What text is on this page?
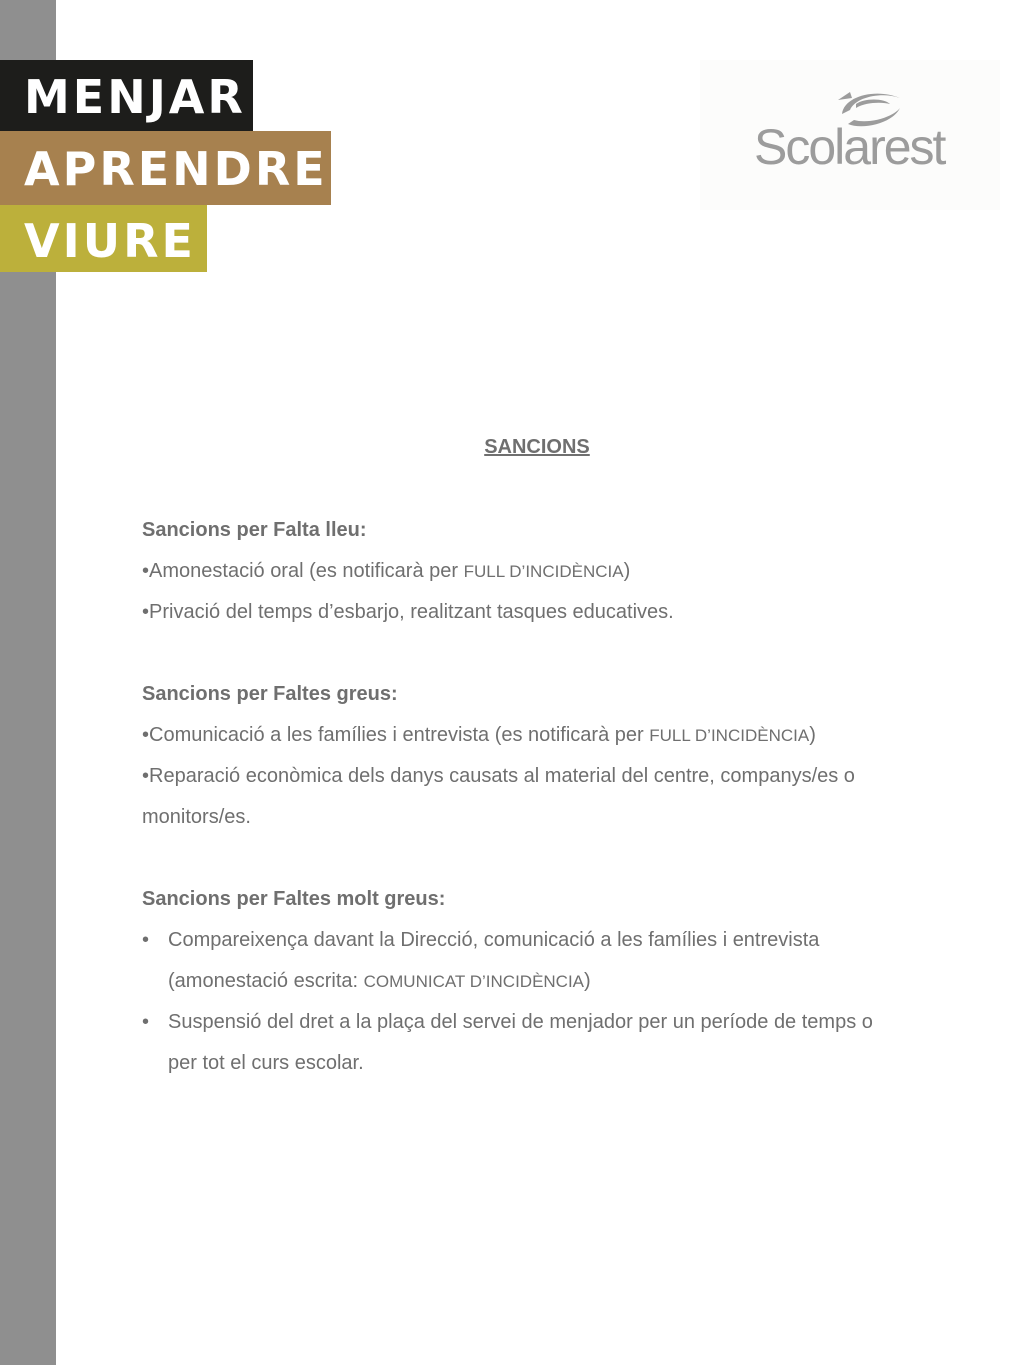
MENJAR
APRENDRE
VIURE
Scolarest
SANCIONS
Sancions per Falta lleu:
•Amonestació oral (es notificarà per FULL D’INCIDÈNCIA)
•Privació del temps d’esbarjo, realitzant tasques educatives.
Sancions per Faltes greus:
•Comunicació a les famílies i entrevista (es notificarà per FULL D’INCIDÈNCIA)
•Reparació econòmica dels danys causats al material del centre, companys/es o
monitors/es.
Sancions per Faltes molt greus:
• Compareixença davant la Direcció, comunicació a les famílies i entrevista
(amonestació escrita: COMUNICAT D’INCIDÈNCIA)
• Suspensió del dret a la plaça del servei de menjador per un període de temps o
per tot el curs escolar.
